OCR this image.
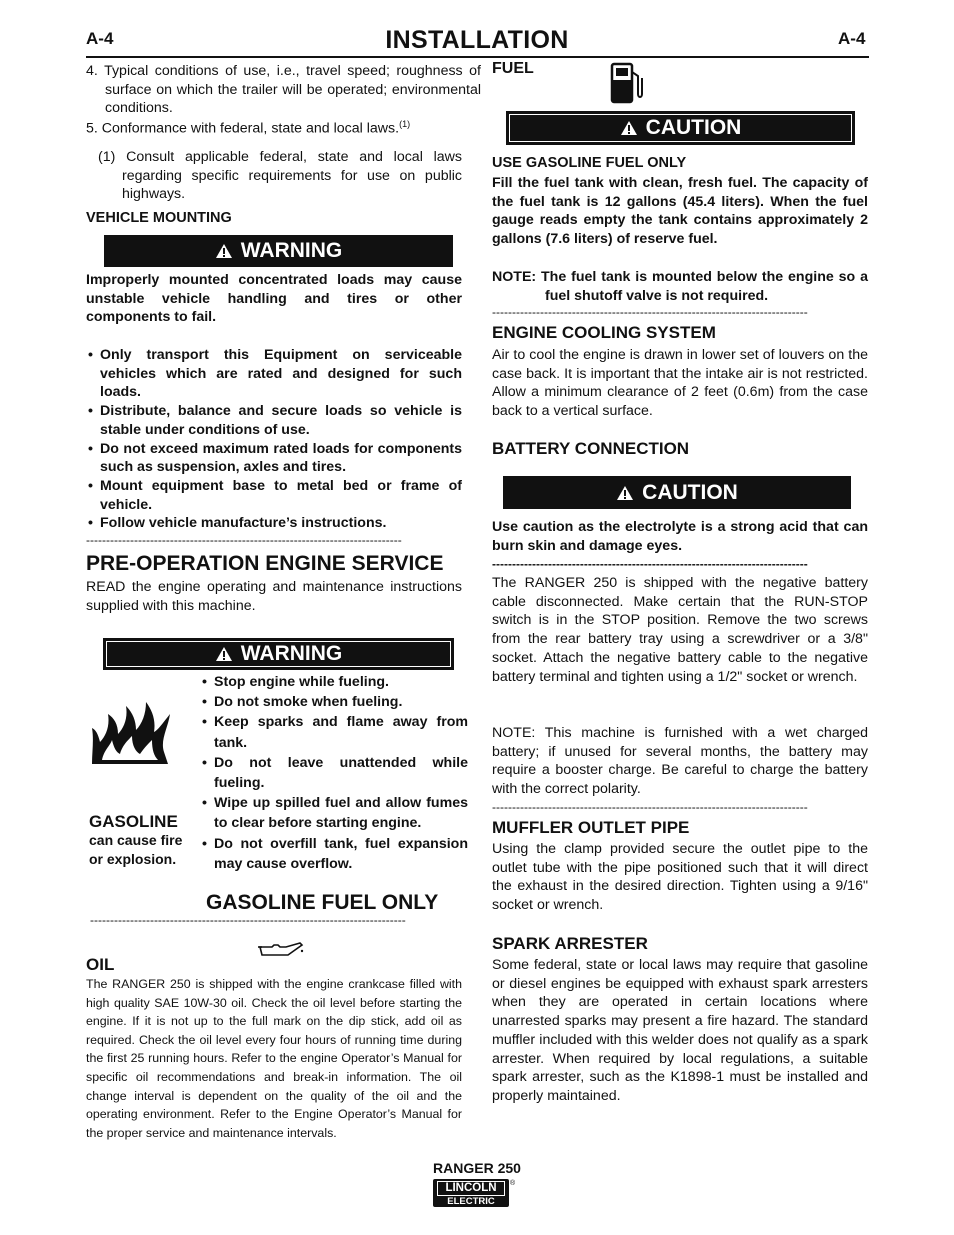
A-4	INSTALLATION	A-4
4. Typical conditions of use, i.e., travel speed; roughness of surface on which the trailer will be operated; environmental conditions.
5. Conformance with federal, state and local laws.$^{(1)}$
(1) Consult applicable federal, state and local laws regarding specific requirements for use on public highways.
VEHICLE MOUNTING
WARNING
Improperly mounted concentrated loads may cause unstable vehicle handling and tires or other components to fail.
• Only transport this Equipment on serviceable vehicles which are rated and designed for such loads.
• Distribute, balance and secure loads so vehicle is stable under conditions of use.
• Do not exceed maximum rated loads for components such as suspension, axles and tires.
• Mount equipment base to metal bed or frame of vehicle.
• Follow vehicle manufacture’s instructions.
-------------------------------------------------------------------------------
PRE-OPERATION ENGINE SERVICE
READ the engine operating and maintenance instructions supplied with this machine.
WARNING
GASOLINE
can cause fire or explosion.
• Stop engine while fueling.
• Do not smoke when fueling.
• Keep sparks and flame away from tank.
• Do not leave unattended while fueling.
• Wipe up spilled fuel and allow fumes to clear before starting engine.
• Do not overfill tank, fuel expansion may cause overflow.
GASOLINE FUEL ONLY
-------------------------------------------------------------------------------
OIL
The RANGER 250 is shipped with the engine crankcase filled with high quality SAE 10W-30 oil. Check the oil level before starting the engine. If it is not up to the full mark on the dip stick, add oil as required. Check the oil level every four hours of running time during the first 25 running hours. Refer to the engine Operator’s Manual for specific oil recommendations and break-in information. The oil change interval is dependent on the quality of the oil and the operating environment. Refer to the Engine Operator’s Manual for the proper service and maintenance intervals.
FUEL
CAUTION
USE GASOLINE FUEL ONLY
Fill the fuel tank with clean, fresh fuel. The capacity of the fuel tank is 12 gallons (45.4 liters). When the fuel gauge reads empty the tank contains approximately 2 gallons (7.6 liters) of reserve fuel.
NOTE: The fuel tank is mounted below the engine so a fuel shutoff valve is not required.
-------------------------------------------------------------------------------
ENGINE COOLING SYSTEM
Air to cool the engine is drawn in lower set of louvers on the case back. It is important that the intake air is not restricted. Allow a minimum clearance of 2 feet (0.6m) from the case back to a vertical surface.
BATTERY CONNECTION
CAUTION
Use caution as the electrolyte is a strong acid that can burn skin and damage eyes.
-------------------------------------------------------------------------------
The RANGER 250 is shipped with the negative battery cable disconnected. Make certain that the RUN-STOP switch is in the STOP position. Remove the two screws from the rear battery tray using a screwdriver or a 3/8" socket. Attach the negative battery cable to the negative battery terminal and tighten using a 1/2" socket or wrench.
NOTE: This machine is furnished with a wet charged battery; if unused for several months, the battery may require a booster charge. Be careful to charge the battery with the correct polarity.
-------------------------------------------------------------------------------
MUFFLER OUTLET PIPE
Using the clamp provided secure the outlet pipe to the outlet tube with the pipe positioned such that it will direct the exhaust in the desired direction. Tighten using a 9/16" socket or wrench.
SPARK ARRESTER
Some federal, state or local laws may require that gasoline or diesel engines be equipped with exhaust spark arresters when they are operated in certain locations where unarrested sparks may present a fire hazard. The standard muffler included with this welder does not qualify as a spark arrester. When required by local regulations, a suitable spark arrester, such as the K1898-1 must be installed and properly maintained.
RANGER 250
LINCOLN
ELECTRIC
®
